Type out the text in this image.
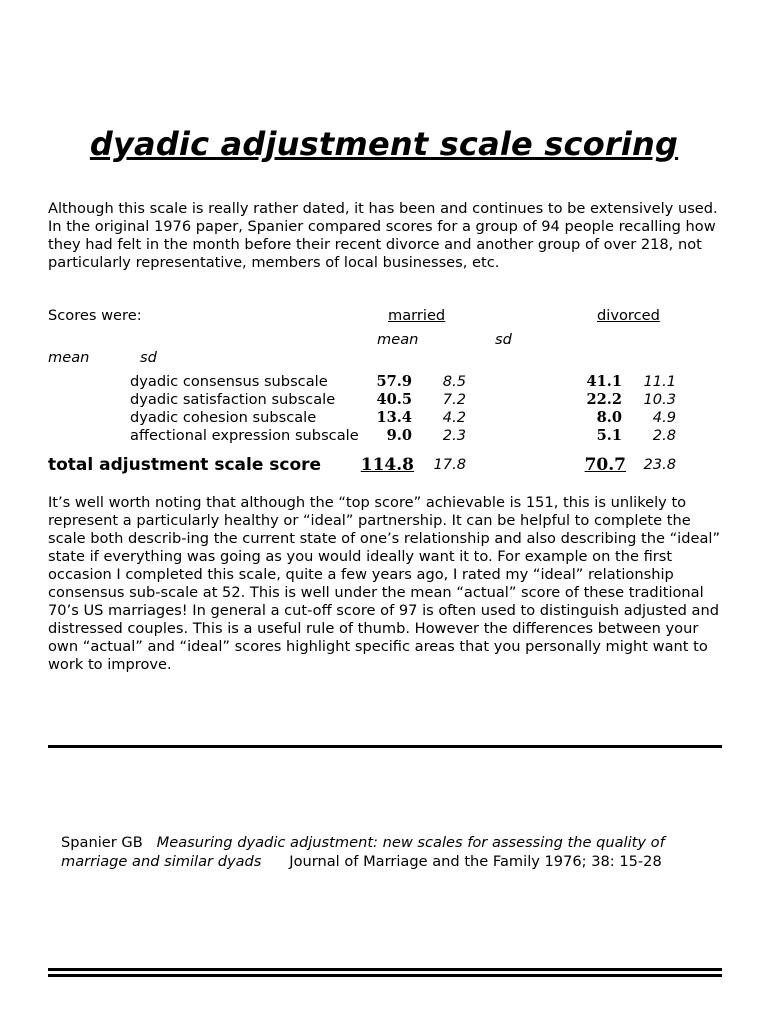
dyadic adjustment scale scoring

Although this scale is really rather dated, it has been and continues to be extensively used. In the original 1976 paper, Spanier compared scores for a group of 94 people recalling how they had felt in the month before their recent divorce and another group of over 218, not particularly representative, members of local businesses, etc.

Scores were:	married	divorced
mean	sd
mean	sd
dyadic consensus subscale	57.9	8.5	41.1	11.1
dyadic satisfaction subscale	40.5	7.2	22.2	10.3
dyadic cohesion subscale	13.4	4.2	8.0	4.9
affectional expression subscale	9.0	2.3	5.1	2.8
total adjustment scale score	114.8	17.8	70.7	23.8

It’s well worth noting that although the “top score” achievable is 151, this is unlikely to represent a particularly healthy or “ideal” partnership. It can be helpful to complete the scale both describ-ing the current state of one’s relationship and also describing the “ideal” state if everything was going as you would ideally want it to. For example on the first occasion I completed this scale, quite a few years ago, I rated my “ideal” relationship consensus sub-scale at 52. This is well under the mean “actual” score of these traditional 70’s US marriages! In general a cut-off score of 97 is often used to distinguish adjusted and distressed couples. This is a useful rule of thumb. However the differences between your own “actual” and “ideal” scores highlight specific areas that you personally might want to work to improve.

Spanier GB Measuring dyadic adjustment: new scales for assessing the quality of marriage and similar dyads Journal of Marriage and the Family 1976; 38: 15-28
